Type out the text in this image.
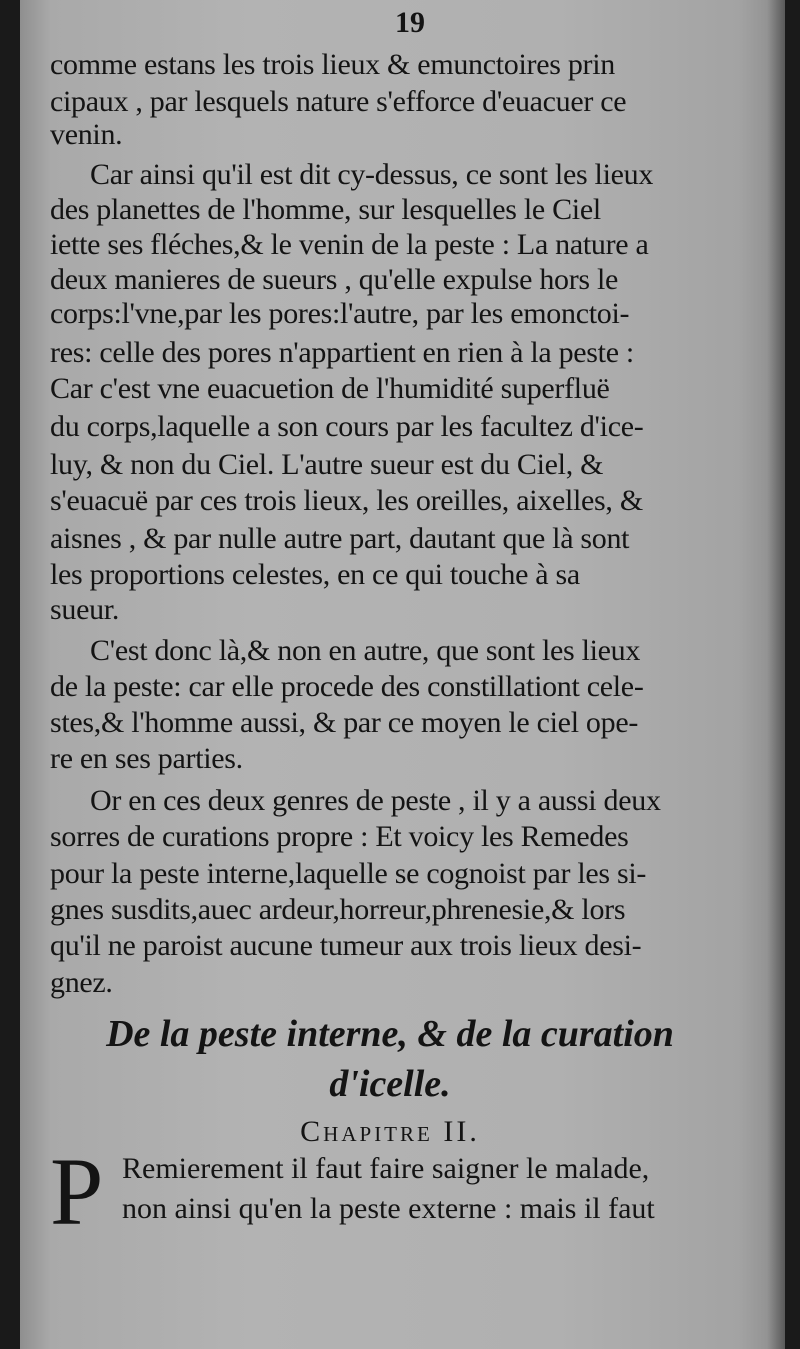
19
comme estans les trois lieux & emunctoires prin
cipaux , par lesquels nature s'efforce d'euacuer ce
venin.
Car ainsi qu'il est dit cy-dessus, ce sont les lieux
des planettes de l'homme, sur lesquelles le Ciel
iette ses fléches,& le venin de la peste : La nature a
deux manieres de sueurs , qu'elle expulse hors le
corps:l'vne,par les pores:l'autre, par les emonctoi-
res: celle des pores n'appartient en rien à la peste :
Car c'est vne euacuetion de l'humidité superfluë
du corps,laquelle a son cours par les facultez d'ice-
luy, & non du Ciel. L'autre sueur est du Ciel, &
s'euacuë par ces trois lieux, les oreilles, aixelles, &
aisnes , & par nulle autre part, dautant que là sont
les proportions celestes, en ce qui touche à sa
sueur.
C'est donc là,& non en autre, que sont les lieux
de la peste: car elle procede des constillationt cele-
stes,& l'homme aussi, & par ce moyen le ciel ope-
re en ses parties.
Or en ces deux genres de peste , il y a aussi deux
sorres de curations propre : Et voicy les Remedes
pour la peste interne,laquelle se cognoist par les si-
gnes susdits,auec ardeur,horreur,phrenesie,& lors
qu'il ne paroist aucune tumeur aux trois lieux desi-
gnez.
De la peste interne, & de la curation
d'icelle.
Chapitre II.
P Remierement il faut faire saigner le malade,
non ainsi qu'en la peste externe : mais il faut
